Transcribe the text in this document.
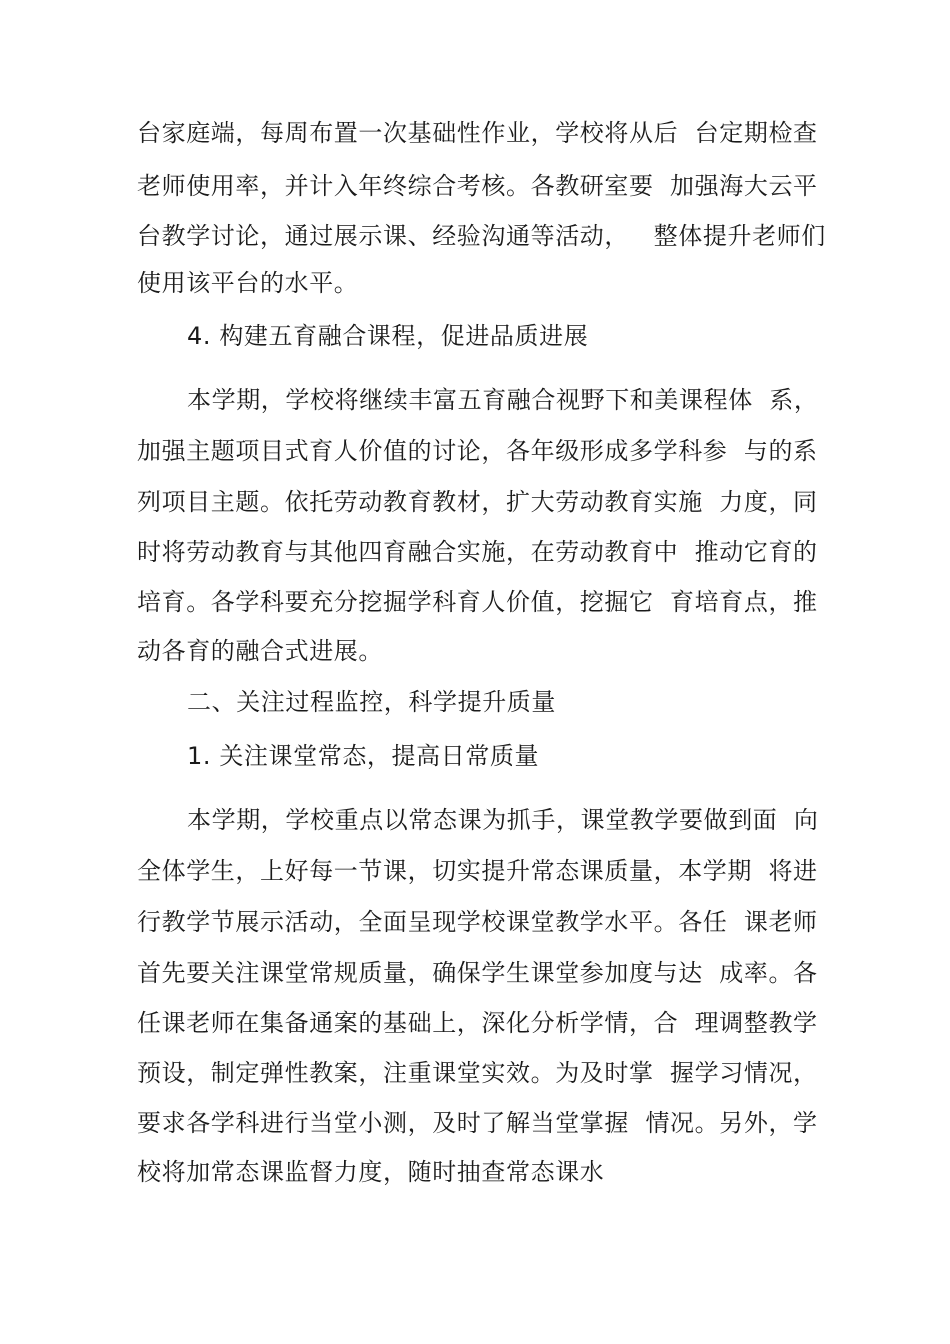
台家庭端，每周布置一次基础性作业，学校将从后  台定期检查
老师使用率，并计入年终综合考核。各教研室要  加强海大云平
台教学讨论，通过展示课、经验沟通等活动，   整体提升老师们
使用该平台的水平。
4. 构建五育融合课程，促进品质进展
本学期，学校将继续丰富五育融合视野下和美课程体  系，
加强主题项目式育人价值的讨论，各年级形成多学科参  与的系
列项目主题。依托劳动教育教材，扩大劳动教育实施  力度，同
时将劳动教育与其他四育融合实施，在劳动教育中  推动它育的
培育。各学科要充分挖掘学科育人价值，挖掘它  育培育点，推
动各育的融合式进展。
二、关注过程监控，科学提升质量
1. 关注课堂常态，提高日常质量
本学期，学校重点以常态课为抓手，课堂教学要做到面  向
全体学生，上好每一节课，切实提升常态课质量，本学期  将进
行教学节展示活动，全面呈现学校课堂教学水平。各任  课老师
首先要关注课堂常规质量，确保学生课堂参加度与达  成率。各
任课老师在集备通案的基础上，深化分析学情，合  理调整教学
预设，制定弹性教案，注重课堂实效。为及时掌  握学习情况，
要求各学科进行当堂小测，及时了解当堂掌握  情况。另外，学
校将加常态课监督力度，随时抽查常态课水
